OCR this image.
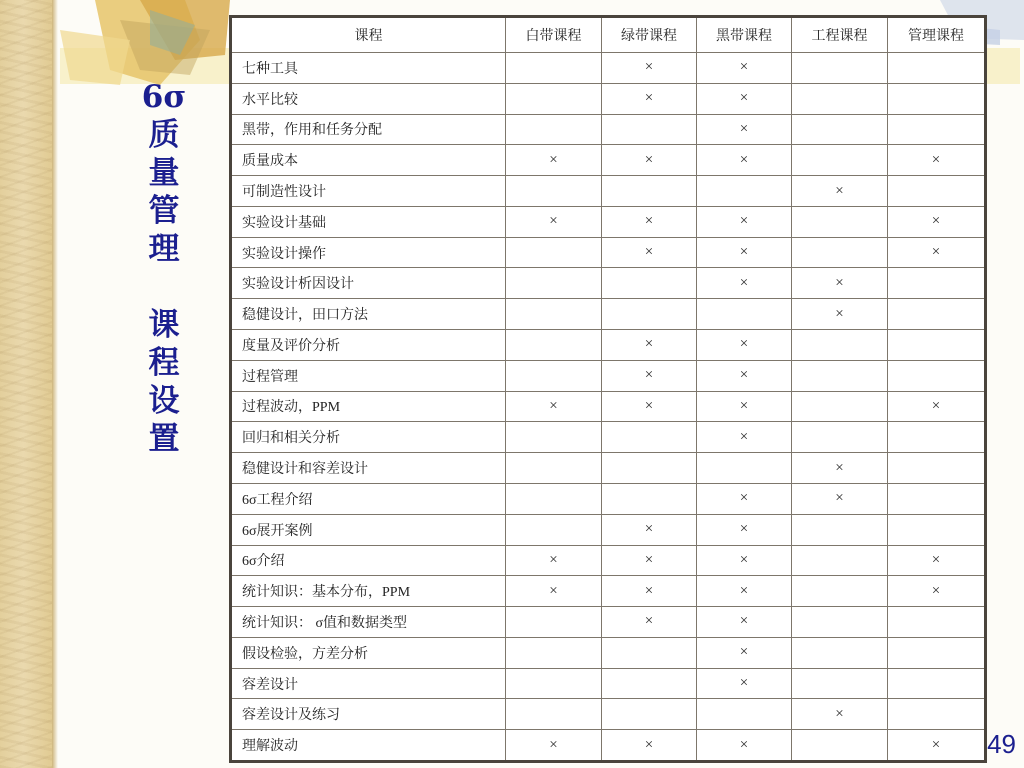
6σ
质
量
管
理
课
程
设
置
课程	白带课程	绿带课程	黑带课程	工程课程	管理课程
七种工具		×	×		
水平比较		×	×		
黑带，作用和任务分配			×		
质量成本	×	×	×		×
可制造性设计				×	
实验设计基础	×	×	×		×
实验设计操作		×	×		×
实验设计析因设计			×	×	
稳健设计，田口方法				×	
度量及评价分析		×	×		
过程管理		×	×		
过程波动，PPM	×	×	×		×
回归和相关分析			×		
稳健设计和容差设计				×	
6σ工程介绍			×	×	
6σ展开案例		×	×		
6σ介绍	×	×	×		×
统计知识：基本分布，PPM	×	×	×		×
统计知识： σ值和数据类型		×	×		
假设检验，方差分析			×		
容差设计			×		
容差设计及练习				×	
理解波动	×	×	×		× 49
